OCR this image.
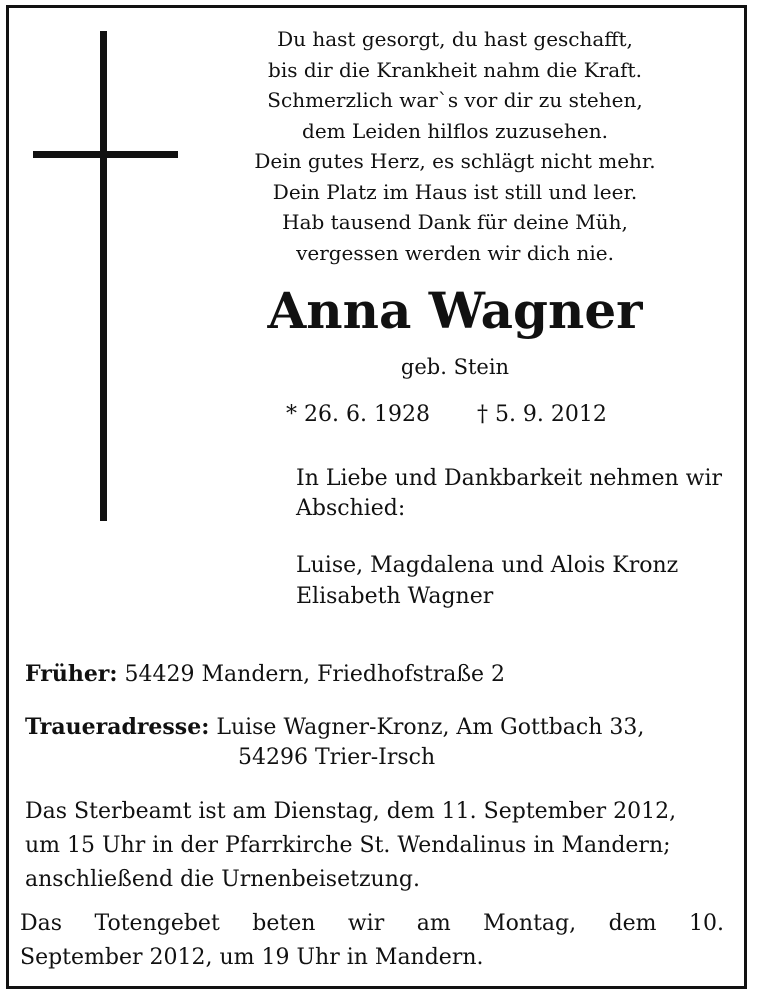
Du hast gesorgt, du hast geschafft,
bis dir die Krankheit nahm die Kraft.
Schmerzlich war`s vor dir zu stehen,
dem Leiden hilflos zuzusehen.
Dein gutes Herz, es schlägt nicht mehr.
Dein Platz im Haus ist still und leer.
Hab tausend Dank für deine Müh,
vergessen werden wir dich nie.
Anna Wagner
geb. Stein
* 26. 6. 1928 † 5. 9. 2012
In Liebe und Dankbarkeit nehmen wir Abschied:
Luise, Magdalena und Alois Kronz
Elisabeth Wagner
Früher: 54429 Mandern, Friedhofstraße 2
Traueradresse: Luise Wagner-Kronz, Am Gottbach 33,
54296 Trier-Irsch
Das Sterbeamt ist am Dienstag, dem 11. September 2012,
um 15 Uhr in der Pfarrkirche St. Wendalinus in Mandern;
anschließend die Urnenbeisetzung.
Das Totengebet beten wir am Montag, dem 10.
September 2012, um 19 Uhr in Mandern.
